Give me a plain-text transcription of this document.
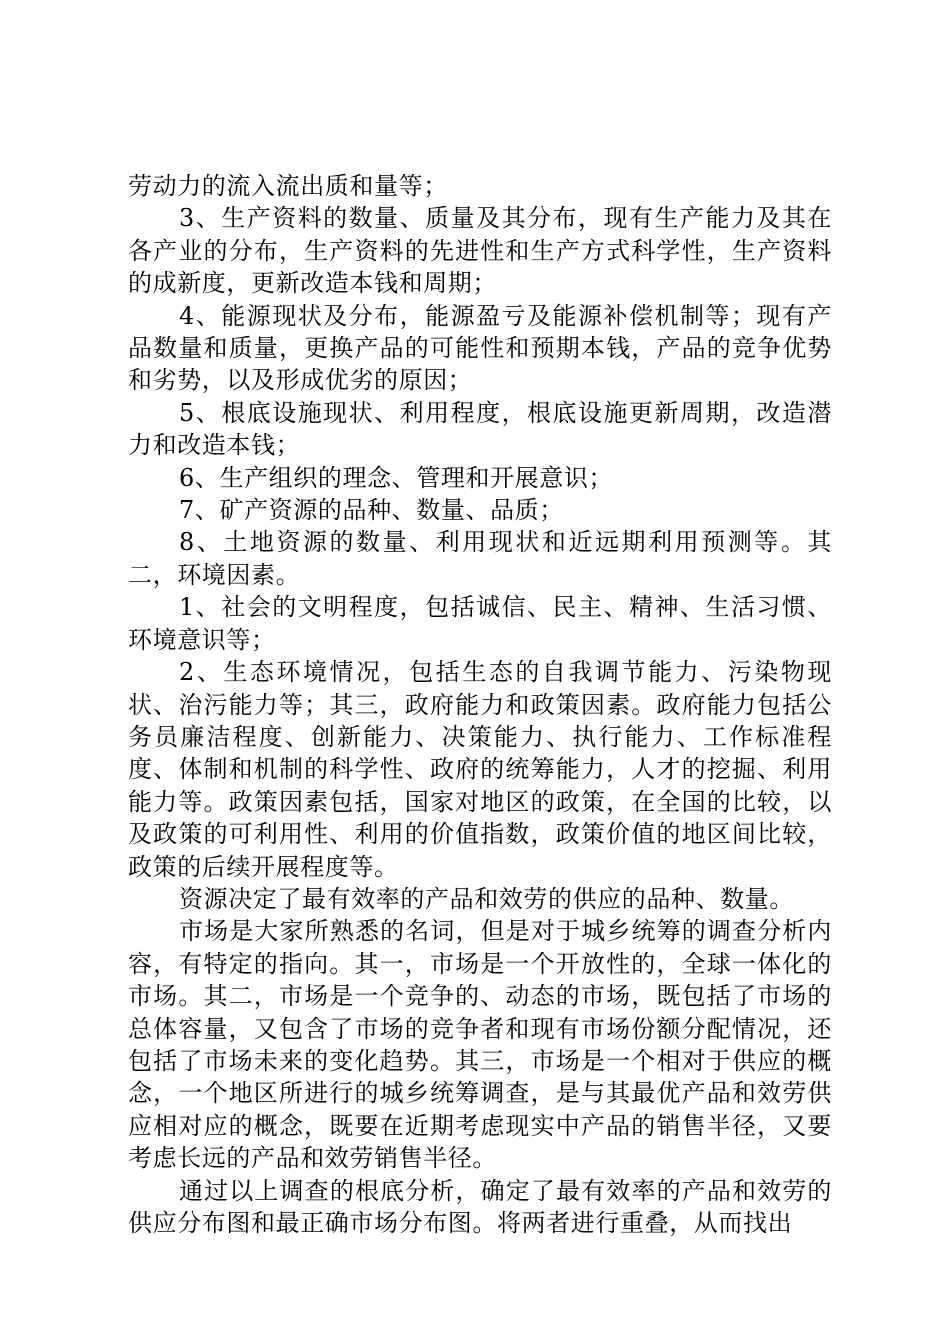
劳动力的流入流出质和量等；

3、生产资料的数量、质量及其分布，现有生产能力及其在各产业的分布，生产资料的先进性和生产方式科学性，生产资料的成新度，更新改造本钱和周期；

4、能源现状及分布，能源盈亏及能源补偿机制等；现有产品数量和质量，更换产品的可能性和预期本钱，产品的竞争优势和劣势，以及形成优劣的原因；

5、根底设施现状、利用程度，根底设施更新周期，改造潜力和改造本钱；

6、生产组织的理念、管理和开展意识；

7、矿产资源的品种、数量、品质；

8、土地资源的数量、利用现状和近远期利用预测等。其二，环境因素。

1、社会的文明程度，包括诚信、民主、精神、生活习惯、环境意识等；

2、生态环境情况，包括生态的自我调节能力、污染物现状、治污能力等；其三，政府能力和政策因素。政府能力包括公务员廉洁程度、创新能力、决策能力、执行能力、工作标准程度、体制和机制的科学性、政府的统筹能力，人才的挖掘、利用能力等。政策因素包括，国家对地区的政策，在全国的比较，以及政策的可利用性、利用的价值指数，政策价值的地区间比较，政策的后续开展程度等。

资源决定了最有效率的产品和效劳的供应的品种、数量。

市场是大家所熟悉的名词，但是对于城乡统筹的调查分析内容，有特定的指向。其一，市场是一个开放性的，全球一体化的市场。其二，市场是一个竞争的、动态的市场，既包括了市场的总体容量，又包含了市场的竞争者和现有市场份额分配情况，还包括了市场未来的变化趋势。其三，市场是一个相对于供应的概念，一个地区所进行的城乡统筹调查，是与其最优产品和效劳供应相对应的概念，既要在近期考虑现实中产品的销售半径，又要考虑长远的产品和效劳销售半径。

通过以上调查的根底分析，确定了最有效率的产品和效劳的供应分布图和最正确市场分布图。将两者进行重叠，从而找出
